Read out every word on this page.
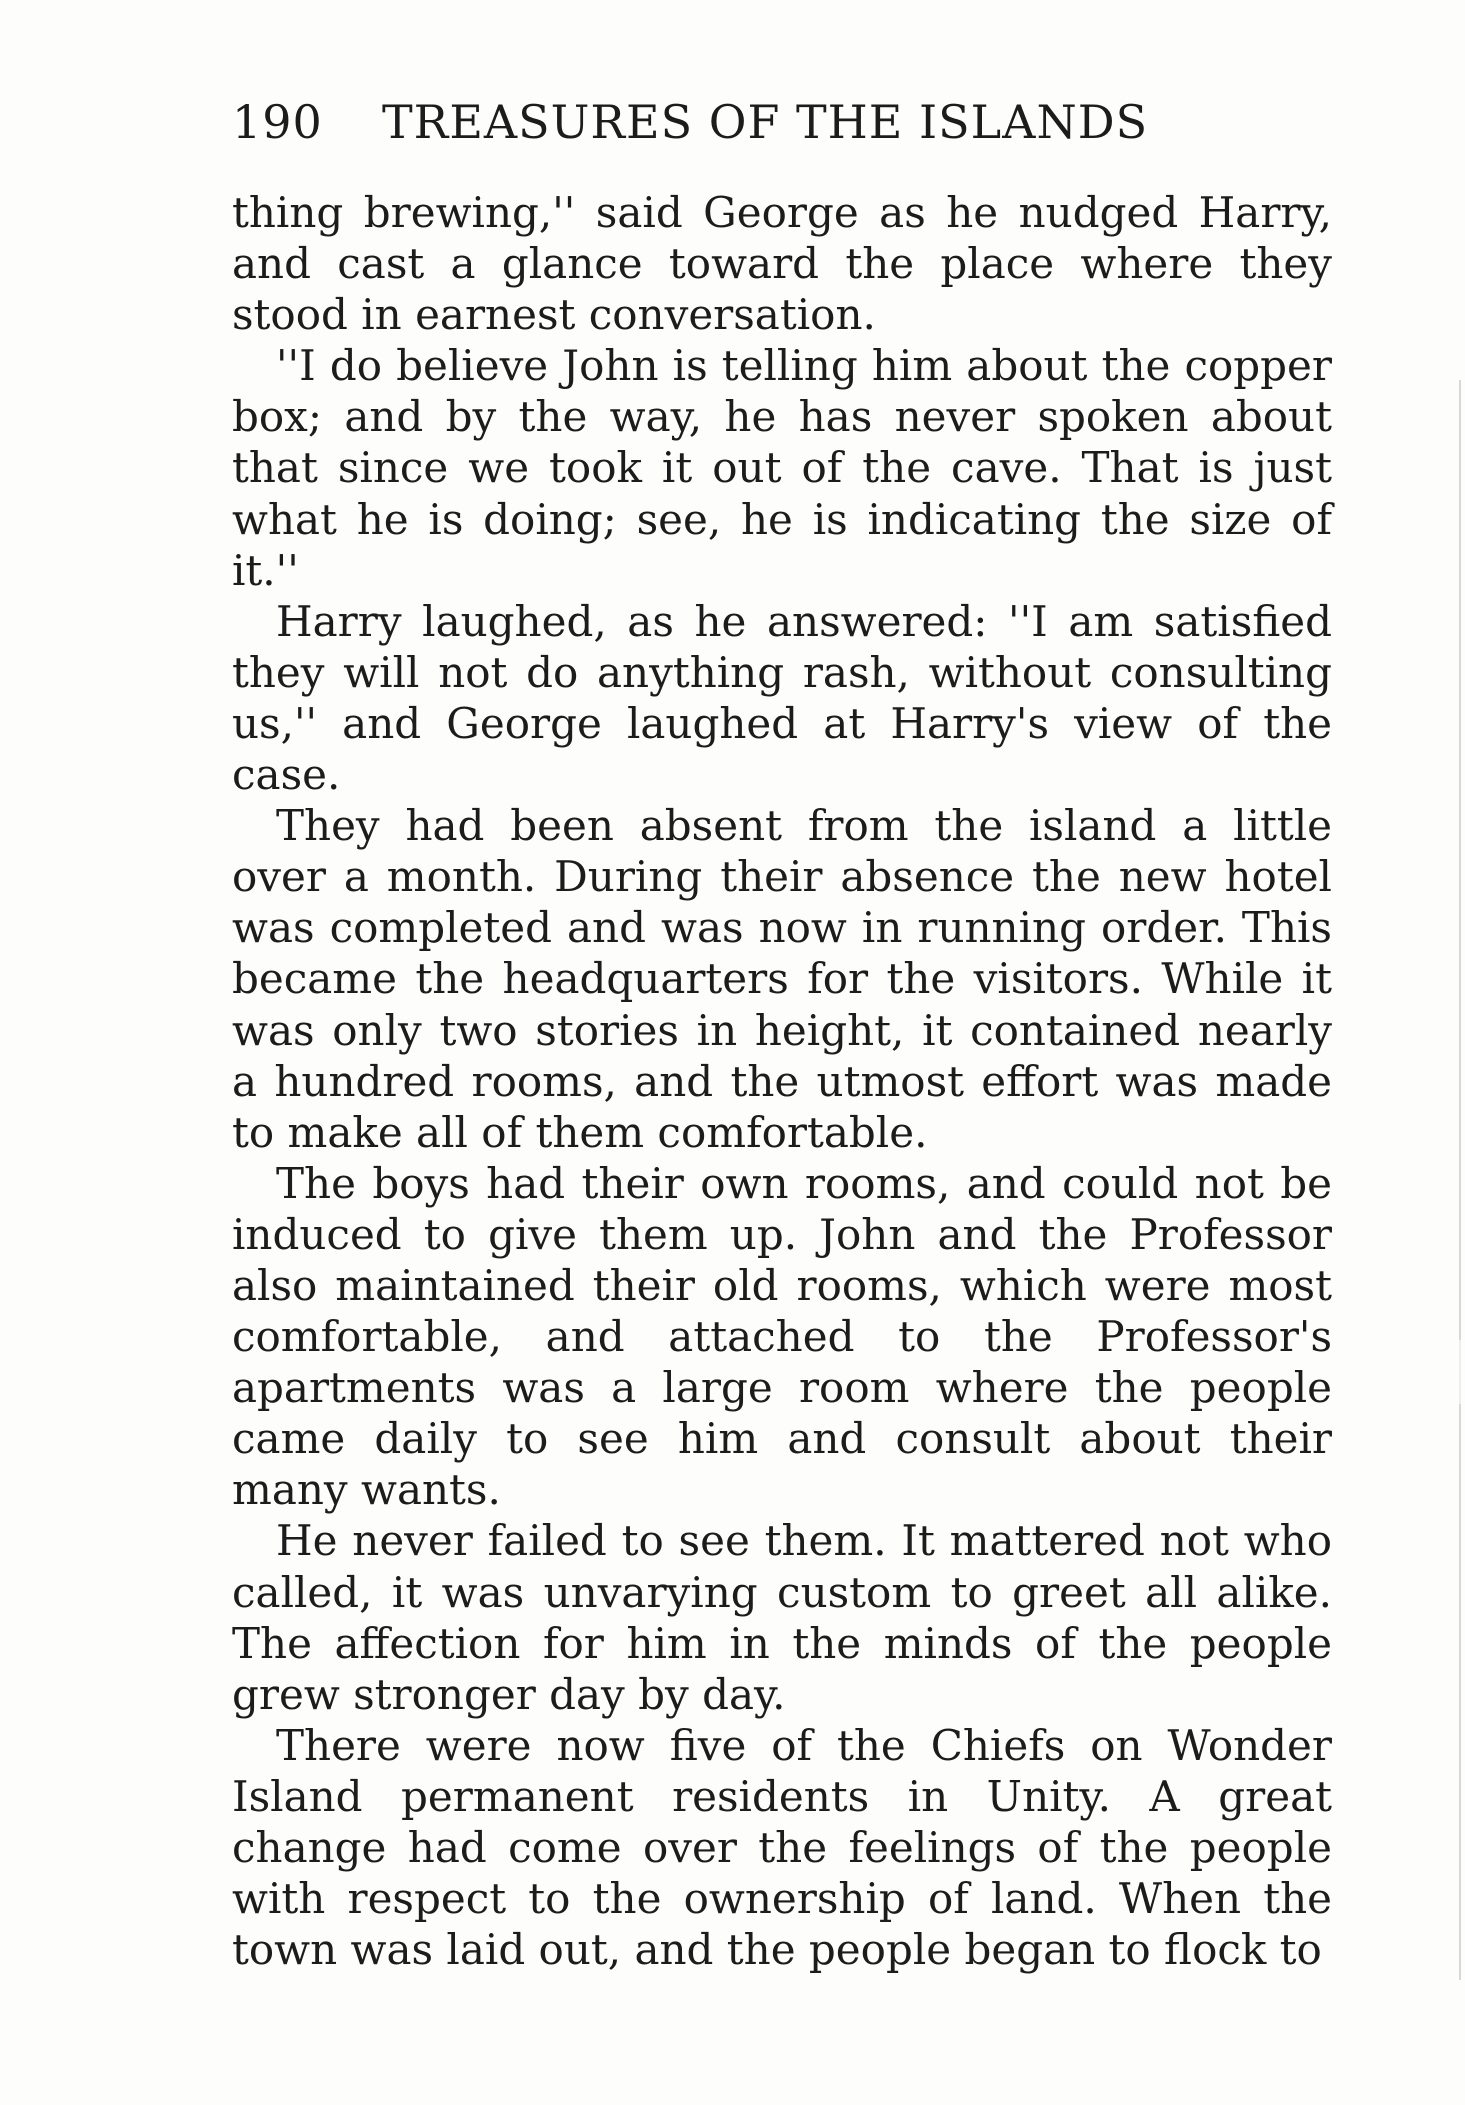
190 TREASURES OF THE ISLANDS

thing brewing,'' said George as he nudged Harry, and cast a glance toward the place where they stood in earnest conversation.

''I do believe John is telling him about the copper box; and by the way, he has never spoken about that since we took it out of the cave. That is just what he is doing; see, he is indicating the size of it.''

Harry laughed, as he answered: ''I am satisfied they will not do anything rash, without consulting us,'' and George laughed at Harry's view of the case.

They had been absent from the island a little over a month. During their absence the new hotel was completed and was now in running order. This became the headquarters for the visitors. While it was only two stories in height, it contained nearly a hundred rooms, and the utmost effort was made to make all of them comfortable.

The boys had their own rooms, and could not be induced to give them up. John and the Professor also maintained their old rooms, which were most comfortable, and attached to the Professor's apartments was a large room where the people came daily to see him and consult about their many wants.

He never failed to see them. It mattered not who called, it was unvarying custom to greet all alike. The affection for him in the minds of the people grew stronger day by day.

There were now five of the Chiefs on Wonder Island permanent residents in Unity. A great change had come over the feelings of the people with respect to the ownership of land. When the town was laid out, and the people began to flock to
